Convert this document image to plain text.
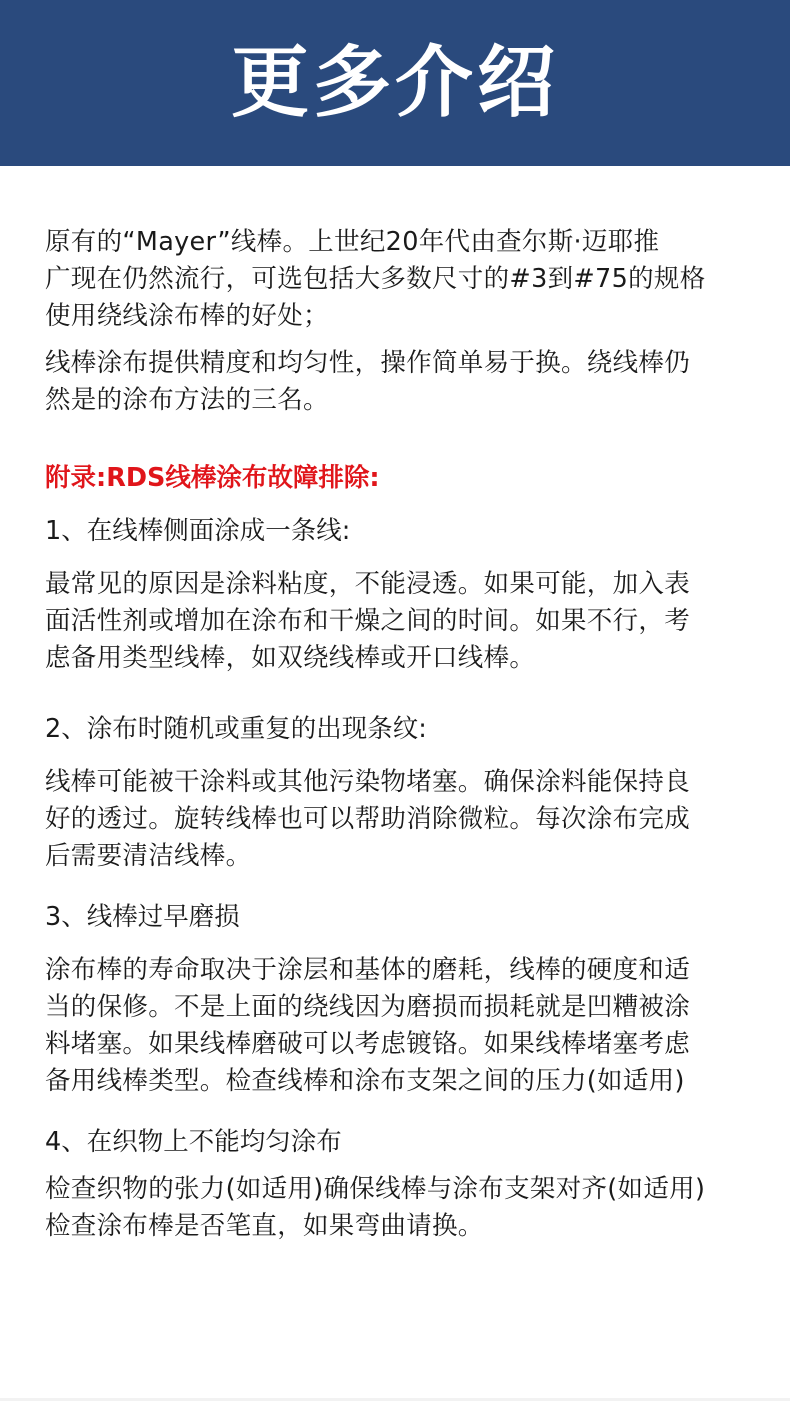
更多介绍

原有的“Mayer”线棒。上世纪20年代由查尔斯·迈耶推
广现在仍然流行，可选包括大多数尺寸的#3到#75的规格
使用绕线涂布棒的好处；

线棒涂布提供精度和均匀性，操作简单易于换。绕线棒仍
然是的涂布方法的三名。

附录:RDS线棒涂布故障排除:

1、在线棒侧面涂成一条线:

最常见的原因是涂料粘度，不能浸透。如果可能，加入表
面活性剂或增加在涂布和干燥之间的时间。如果不行，考
虑备用类型线棒，如双绕线棒或开口线棒。

2、涂布时随机或重复的出现条纹:

线棒可能被干涂料或其他污染物堵塞。确保涂料能保持良
好的透过。旋转线棒也可以帮助消除微粒。每次涂布完成
后需要清洁线棒。

3、线棒过早磨损

涂布棒的寿命取决于涂层和基体的磨耗，线棒的硬度和适
当的保修。不是上面的绕线因为磨损而损耗就是凹糟被涂
料堵塞。如果线棒磨破可以考虑镀铬。如果线棒堵塞考虑
备用线棒类型。检查线棒和涂布支架之间的压力(如适用)

4、在织物上不能均匀涂布

检查织物的张力(如适用)确保线棒与涂布支架对齐(如适用)
检查涂布棒是否笔直，如果弯曲请换。
